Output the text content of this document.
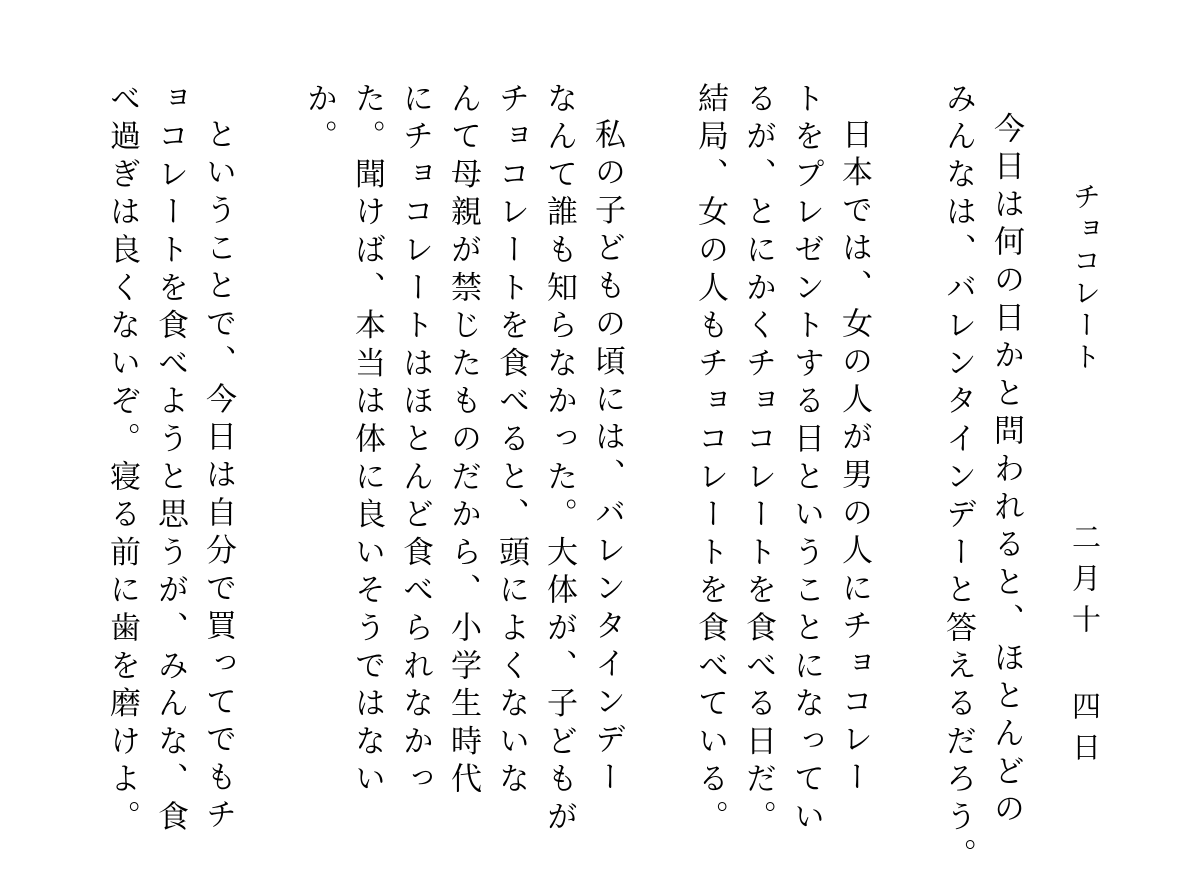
チョコレート
二月十 四日
今日は何の日かと問われると、ほとんどの
みんなは、バレンタインデーと答えるだろう。
日本では、女の人が男の人にチョコレー
トをプレゼントする日ということになってい
るが、とにかくチョコレートを食べる日だ。
結局、女の人もチョコレートを食べている。
私の子どもの頃には、バレンタインデー
なんて誰も知らなかった。大体が、子どもが
チョコレートを食べると、頭によくないな
んて母親が禁じたものだから、小学生時代
にチョコレートはほとんど食べられなかっ
た。聞けば、本当は体に良いそうではない
か。
ということで、今日は自分で買ってでもチ
ョコレートを食べようと思うが、みんな、食
べ過ぎは良くないぞ。寝る前に歯を磨けよ。
